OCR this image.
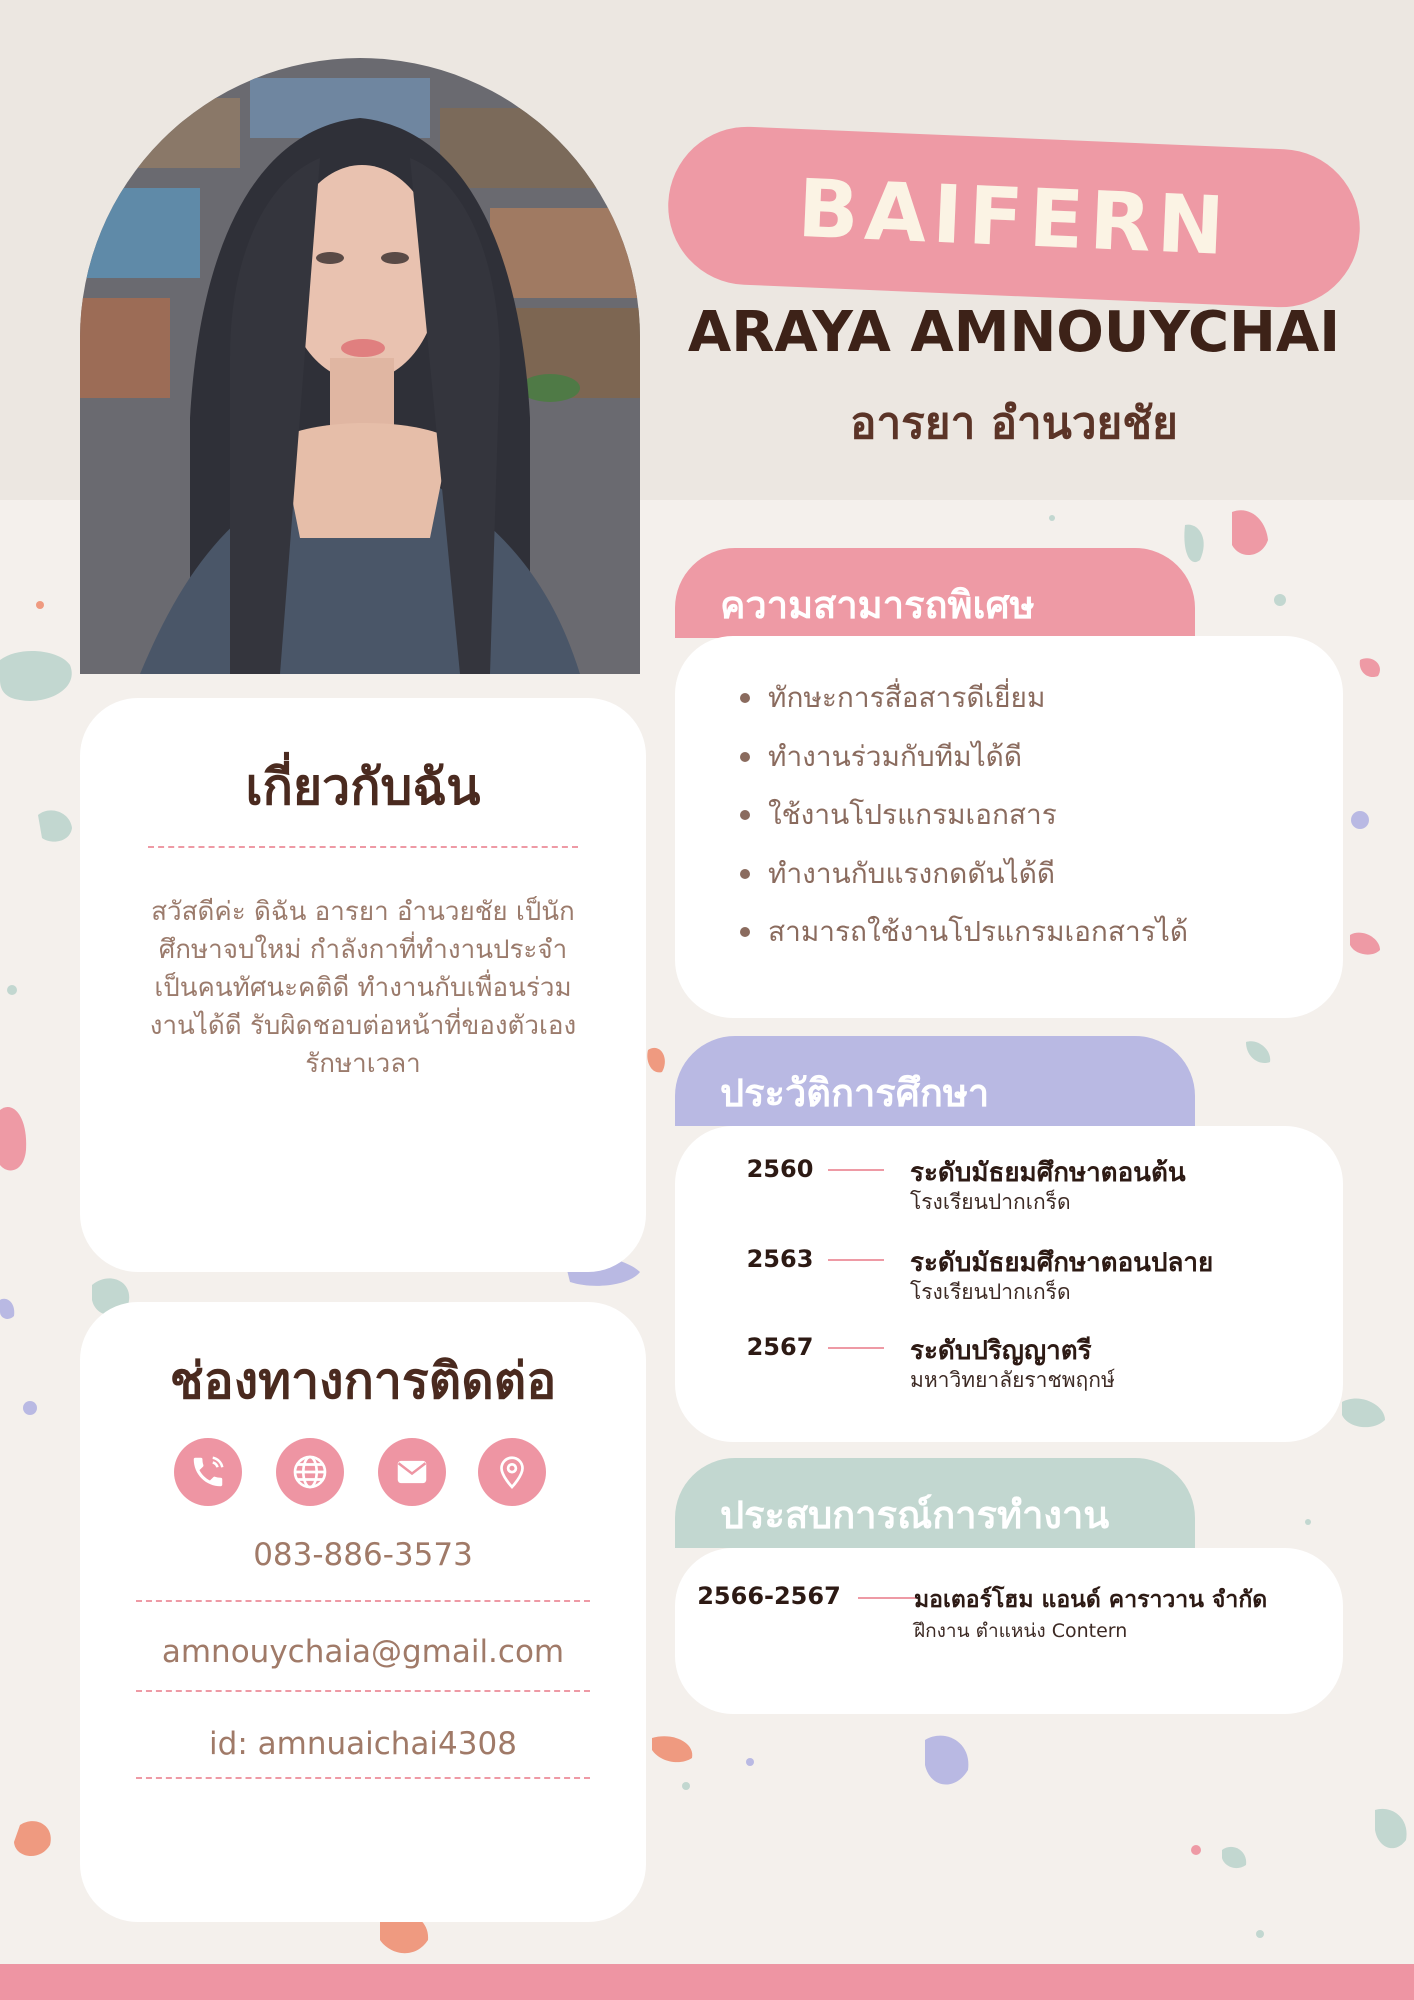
BAIFERN
ARAYA AMNOUYCHAI
อารยา อำนวยชัย
เกี่ยวกับฉัน
สวัสดีค่ะ ดิฉัน อารยา อำนวยชัย เป็นักศึกษาจบใหม่ กำลังกาที่ทำงานประจำ เป็นคนทัศนะคติดี ทำงานกับเพื่อนร่วมงานได้ดี รับผิดชอบต่อหน้าที่ของตัวเอง รักษาเวลา
ช่องทางการติดต่อ
083-886-3573
amnouychaia@gmail.com
id: amnuaichai4308
ความสามารถพิเศษ
ทักษะการสื่อสารดีเยี่ยม
ทำงานร่วมกับทีมได้ดี
ใช้งานโปรแกรมเอกสาร
ทำงานกับแรงกดดันได้ดี
สามารถใช้งานโปรแกรมเอกสารได้
ประวัติการศึกษา
2560	ระดับมัธยมศึกษาตอนต้น
โรงเรียนปากเกร็ด
2563	ระดับมัธยมศึกษาตอนปลาย
โรงเรียนปากเกร็ด
2567	ระดับปริญญาตรี
มหาวิทยาลัยราชพฤกษ์
ประสบการณ์การทำงาน
2566-2567	มอเตอร์โฮม แอนด์ คาราวาน จำกัด
ฝึกงาน ตำแหน่ง Contern
